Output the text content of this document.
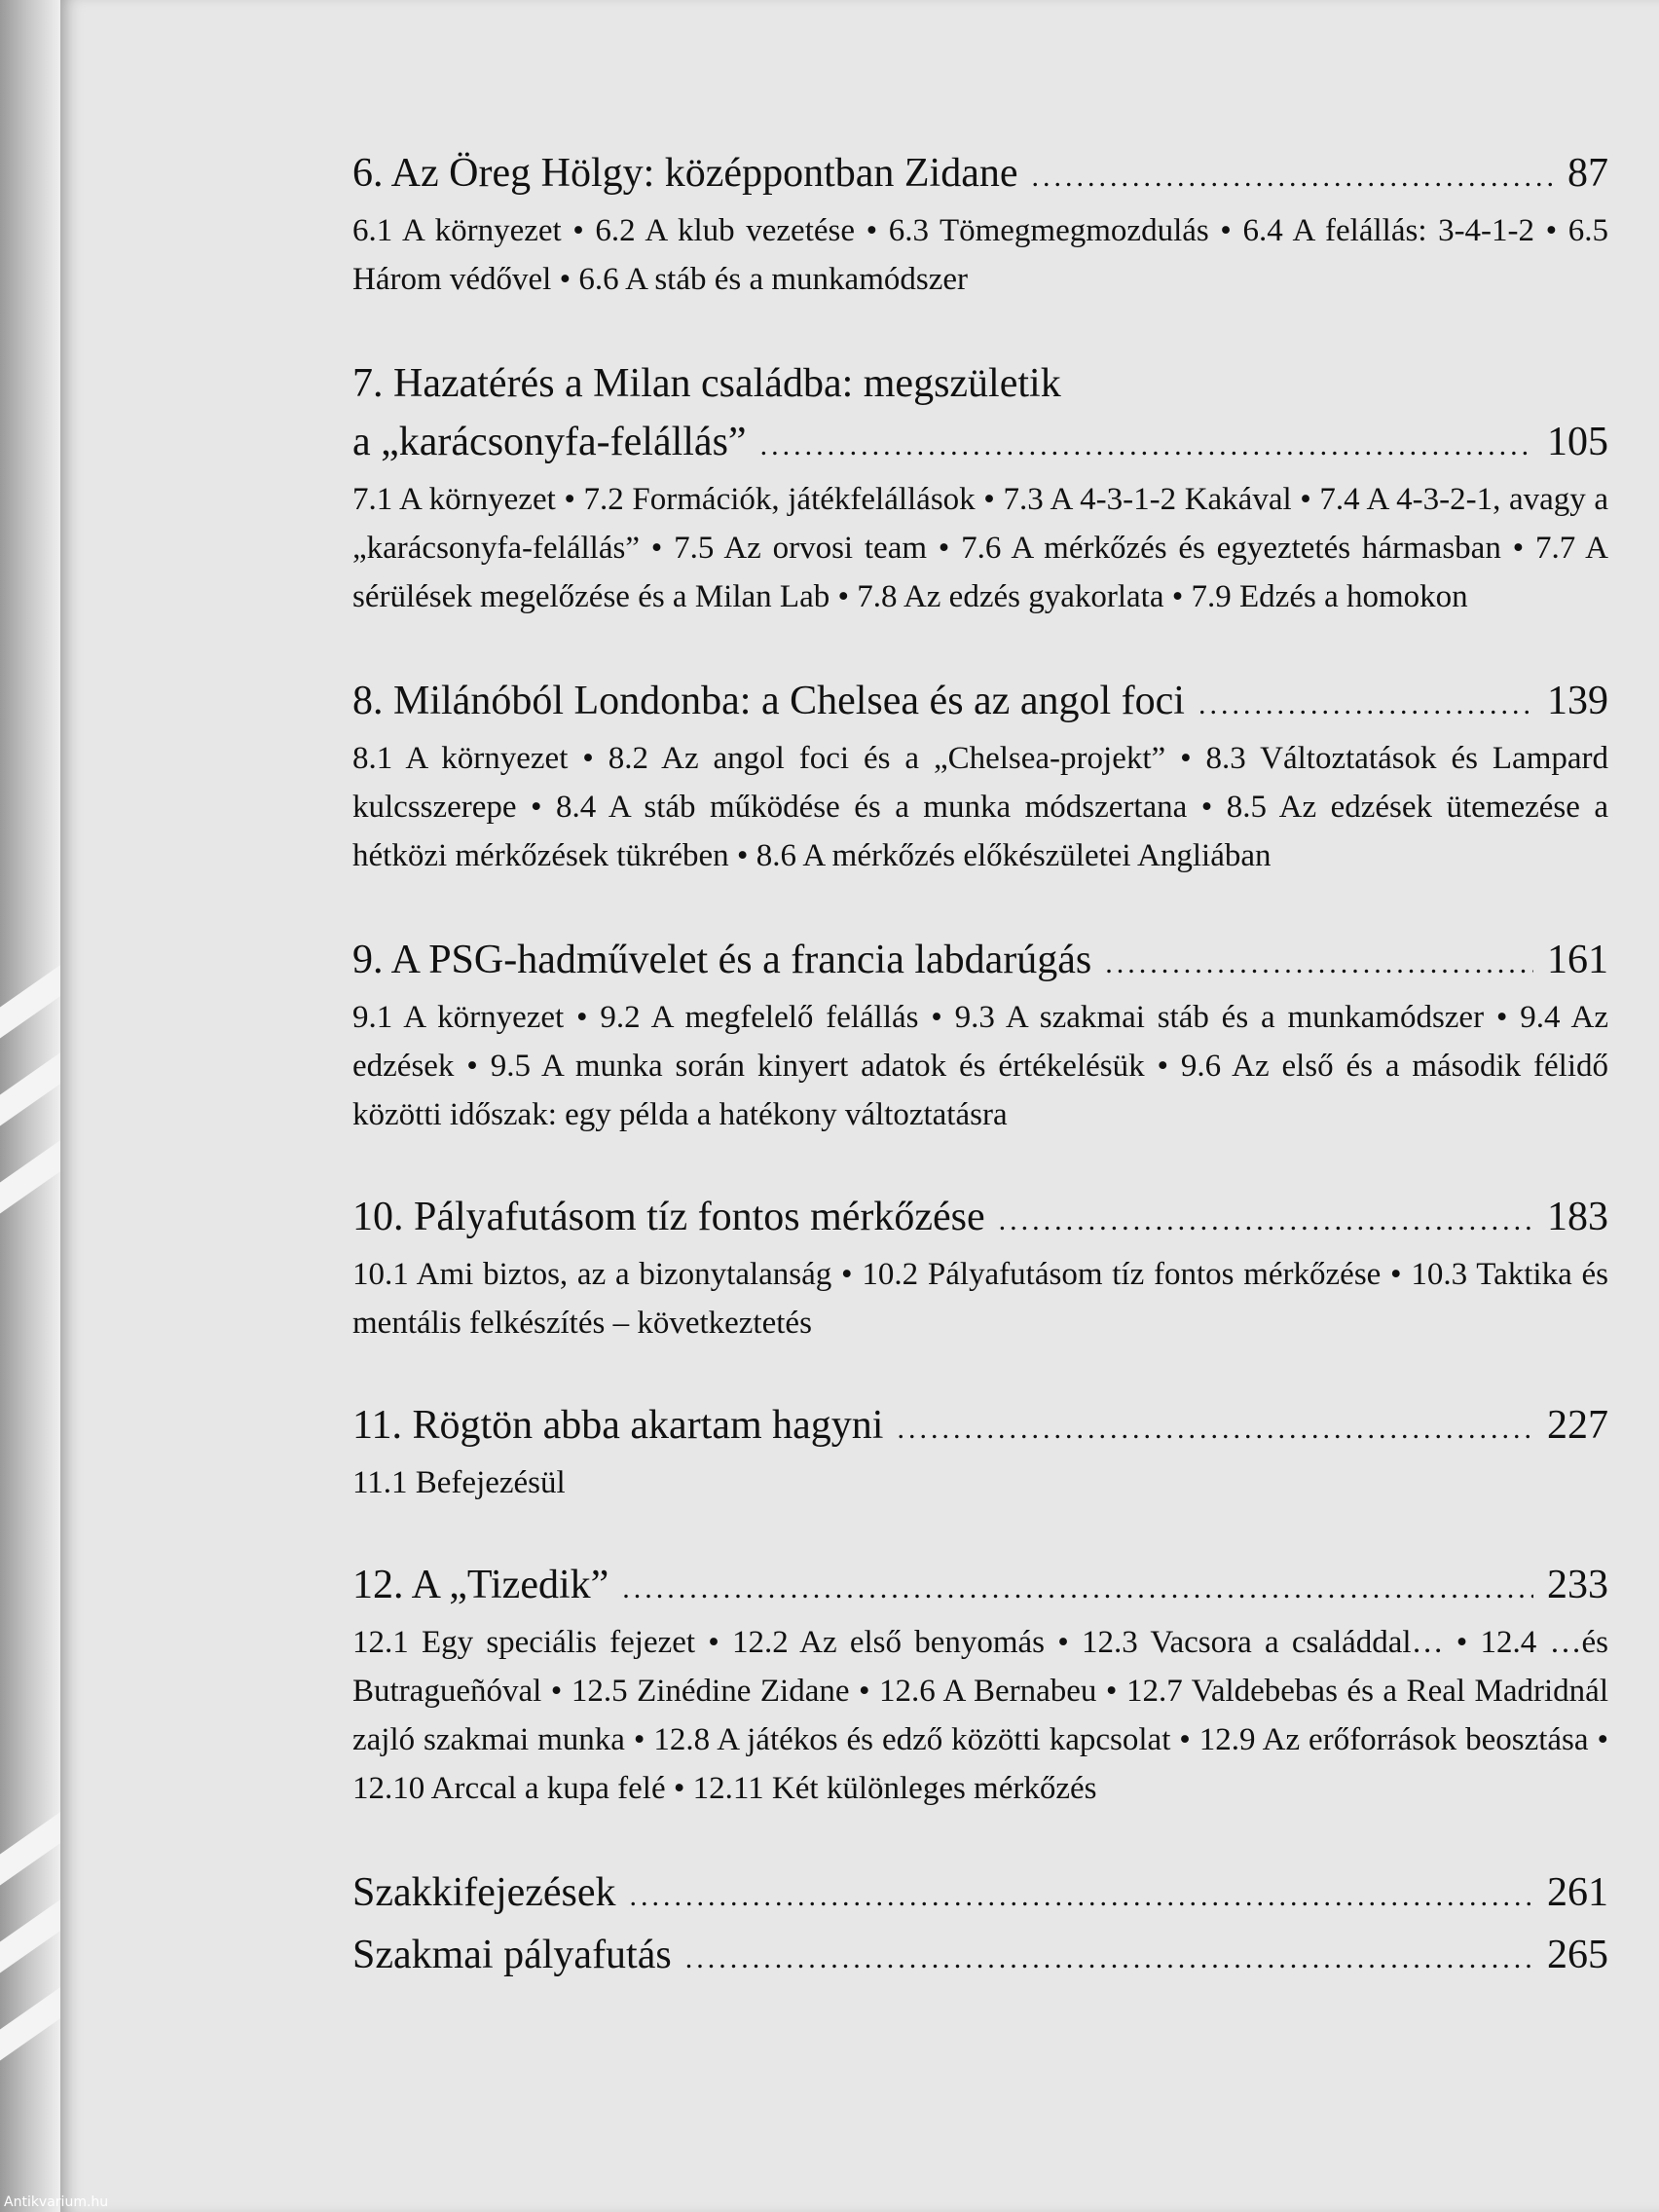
6. Az Öreg Hölgy: középpontban Zidane .....	87
6.1 A környezet • 6.2 A klub vezetése • 6.3 Tömegmegmozdulás • 6.4 A felállás: 3-4-1-2 • 6.5 Három védővel • 6.6 A stáb és a munkamódszer
7. Hazatérés a Milan családba: megszületik
a „karácsonyfa-felállás” .....	105
7.1 A környezet • 7.2 Formációk, játékfelállások • 7.3 A 4-3-1-2 Kakával • 7.4 A 4-3-2-1, avagy a „karácsonyfa-felállás” • 7.5 Az orvosi team • 7.6 A mérkőzés és egyeztetés hármasban • 7.7 A sérülések megelőzése és a Milan Lab • 7.8 Az edzés gyakorlata • 7.9 Edzés a homokon
8. Milánóból Londonba: a Chelsea és az angol foci .....	139
8.1 A környezet • 8.2 Az angol foci és a „Chelsea-projekt” • 8.3 Változtatások és Lampard kulcsszerepe • 8.4 A stáb működése és a munka módszertana • 8.5 Az edzések ütemezése a hétközi mérkőzések tükrében • 8.6 A mérkőzés előkészületei Angliában
9. A PSG-hadművelet és a francia labdarúgás .....	161
9.1 A környezet • 9.2 A megfelelő felállás • 9.3 A szakmai stáb és a munkamódszer • 9.4 Az edzések • 9.5 A munka során kinyert adatok és értékelésük • 9.6 Az első és a második félidő közötti időszak: egy példa a hatékony változtatásra
10. Pályafutásom tíz fontos mérkőzése .....	183
10.1 Ami biztos, az a bizonytalanság • 10.2 Pályafutásom tíz fontos mérkőzése • 10.3 Taktika és mentális felkészítés – következtetés
11. Rögtön abba akartam hagyni .....	227
11.1 Befejezésül
12. A „Tizedik” .....	233
12.1 Egy speciális fejezet • 12.2 Az első benyomás • 12.3 Vacsora a családdal… • 12.4 …és Butragueñóval • 12.5 Zinédine Zidane • 12.6 A Bernabeu • 12.7 Valdebebas és a Real Madridnál zajló szakmai munka • 12.8 A játékos és edző közötti kapcsolat • 12.9 Az erőforrások beosztása • 12.10 Arccal a kupa felé • 12.11 Két különleges mérkőzés
Szakkifejezések .....	261
Szakmai pályafutás .....	265
Antikvarium.hu
